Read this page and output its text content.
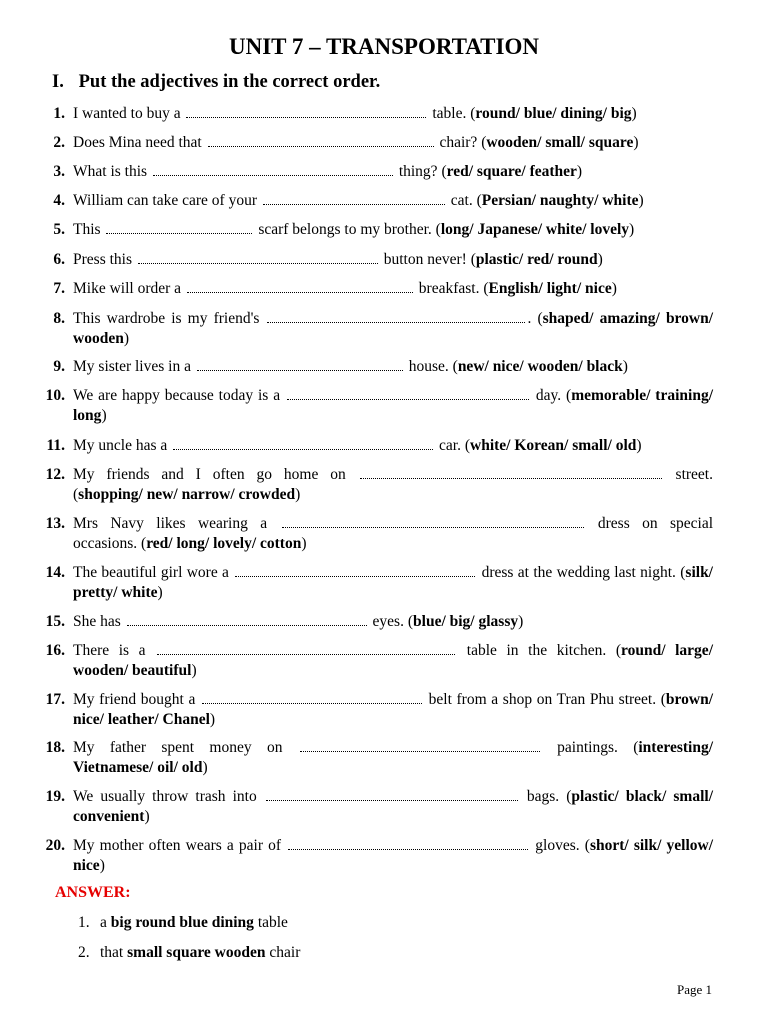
UNIT 7 – TRANSPORTATION
I. Put the adjectives in the correct order.
1. I wanted to buy a	table. (round/ blue/ dining/ big)
2. Does Mina need that	chair? (wooden/ small/ square)
3. What is this	thing? (red/ square/ feather)
4. William can take care of your	cat. (Persian/ naughty/ white)
5. This	scarf belongs to my brother. (long/ Japanese/ white/ lovely)
6. Press this	button never! (plastic/ red/ round)
7. Mike will order a	breakfast. (English/ light/ nice)
8. This wardrobe is my friend's	. (shaped/ amazing/ brown/ wooden)
9. My sister lives in a	house. (new/ nice/ wooden/ black)
10. We are happy because today is a	day. (memorable/ training/ long)
11. My uncle has a	car. (white/ Korean/ small/ old)
12. My friends and I often go home on	street. (shopping/ new/ narrow/ crowded)
13. Mrs Navy likes wearing a	dress on special occasions. (red/ long/ lovely/ cotton)
14. The beautiful girl wore a	dress at the wedding last night. (silk/ pretty/ white)
15. She has	eyes. (blue/ big/ glassy)
16. There is a	table in the kitchen. (round/ large/ wooden/ beautiful)
17. My friend bought a	belt from a shop on Tran Phu street. (brown/ nice/ leather/ Chanel)
18. My father spent money on	paintings. (interesting/ Vietnamese/ oil/ old)
19. We usually throw trash into	bags. (plastic/ black/ small/ convenient)
20. My mother often wears a pair of	gloves. (short/ silk/ yellow/ nice)
ANSWER:
1. a big round blue dining table
2. that small square wooden chair
Page 1
